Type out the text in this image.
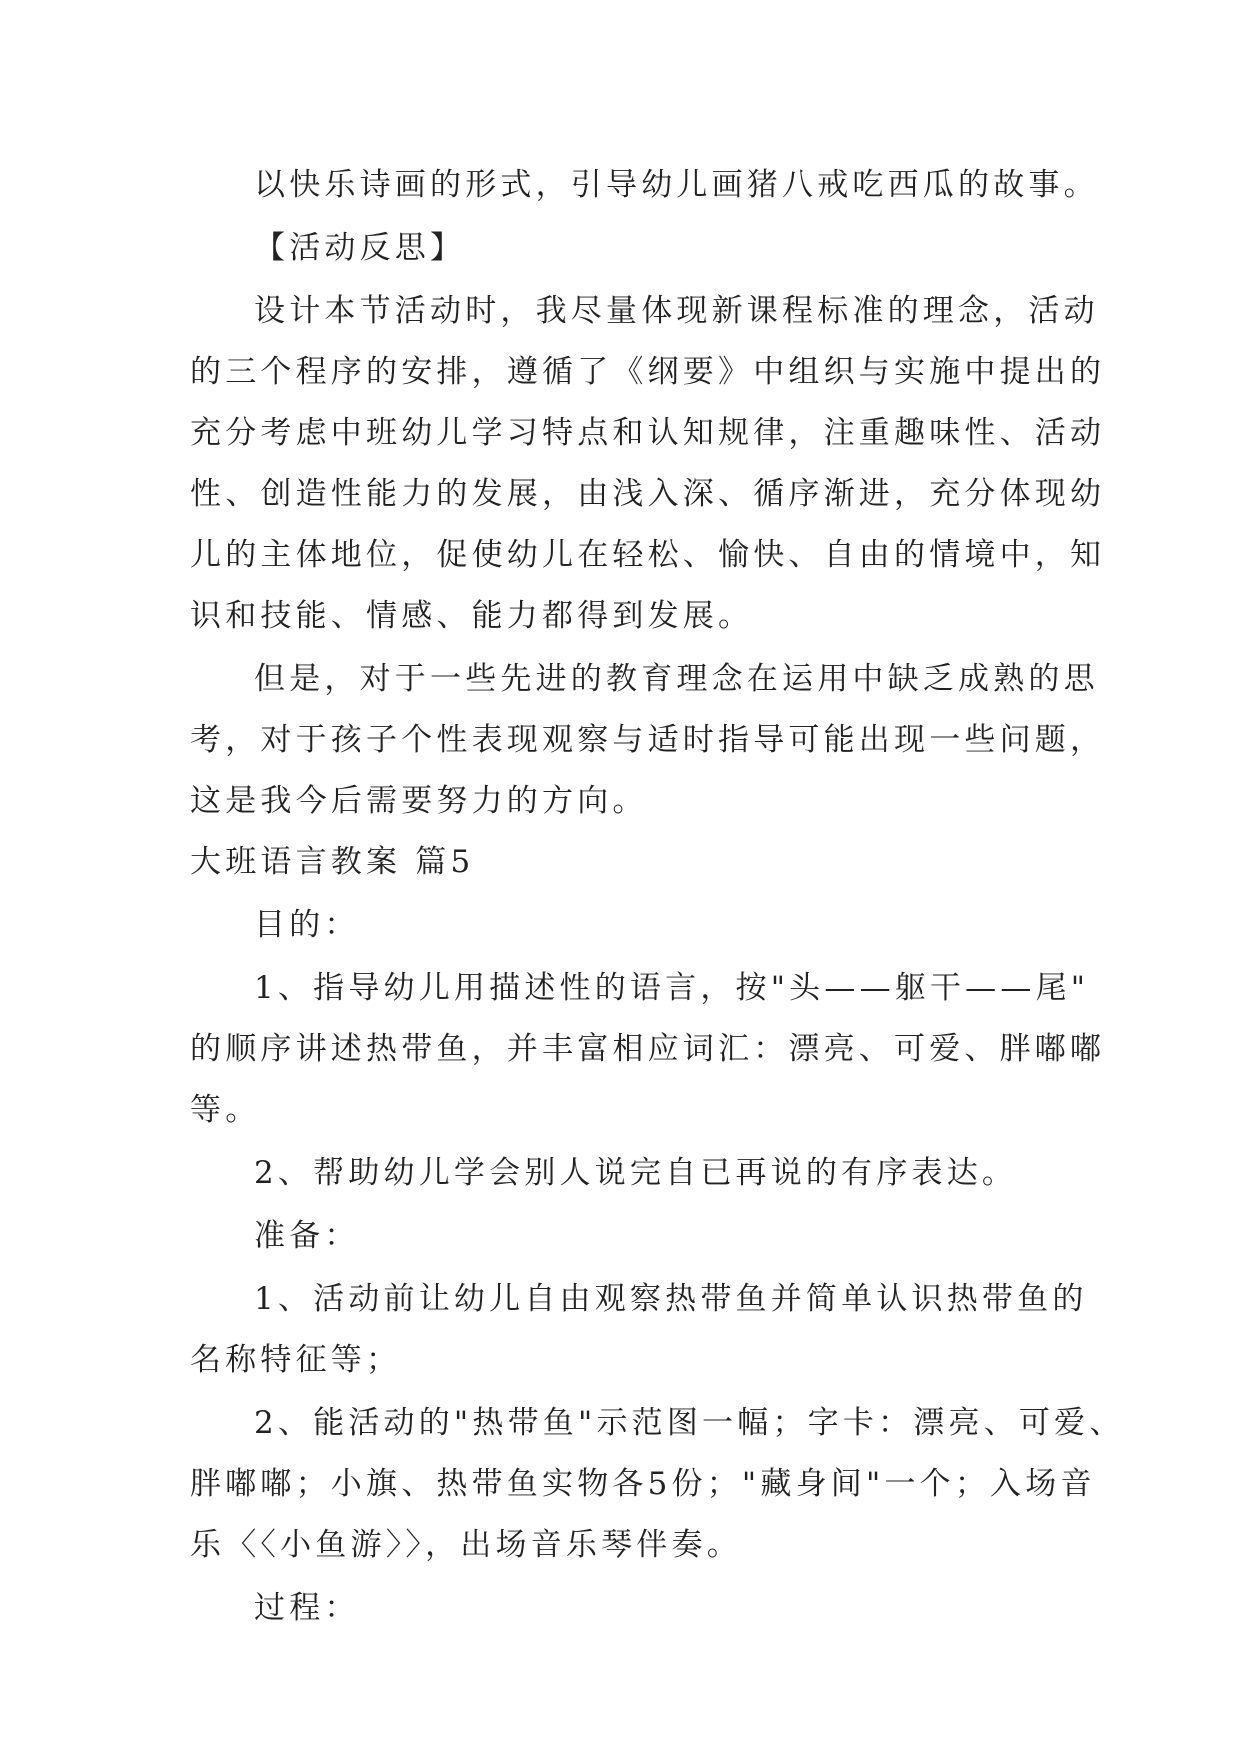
以快乐诗画的形式，引导幼儿画猪八戒吃西瓜的故事。
【活动反思】
设计本节活动时，我尽量体现新课程标准的理念，活动
的三个程序的安排，遵循了《纲要》中组织与实施中提出的
充分考虑中班幼儿学习特点和认知规律，注重趣味性、活动
性、创造性能力的发展，由浅入深、循序渐进，充分体现幼
儿的主体地位，促使幼儿在轻松、愉快、自由的情境中，知
识和技能、情感、能力都得到发展。
但是，对于一些先进的教育理念在运用中缺乏成熟的思
考，对于孩子个性表现观察与适时指导可能出现一些问题，
这是我今后需要努力的方向。
大班语言教案 篇5
目的：
1、指导幼儿用描述性的语言，按"头——躯干——尾"
的顺序讲述热带鱼，并丰富相应词汇：漂亮、可爱、胖嘟嘟
等。
2、帮助幼儿学会别人说完自已再说的有序表达。
准备：
1、活动前让幼儿自由观察热带鱼并简单认识热带鱼的
名称特征等；
2、能活动的"热带鱼"示范图一幅；字卡：漂亮、可爱、
胖嘟嘟；小旗、热带鱼实物各5份；"藏身间"一个；入场音
乐〈〈小鱼游〉〉，出场音乐琴伴奏。
过程：
